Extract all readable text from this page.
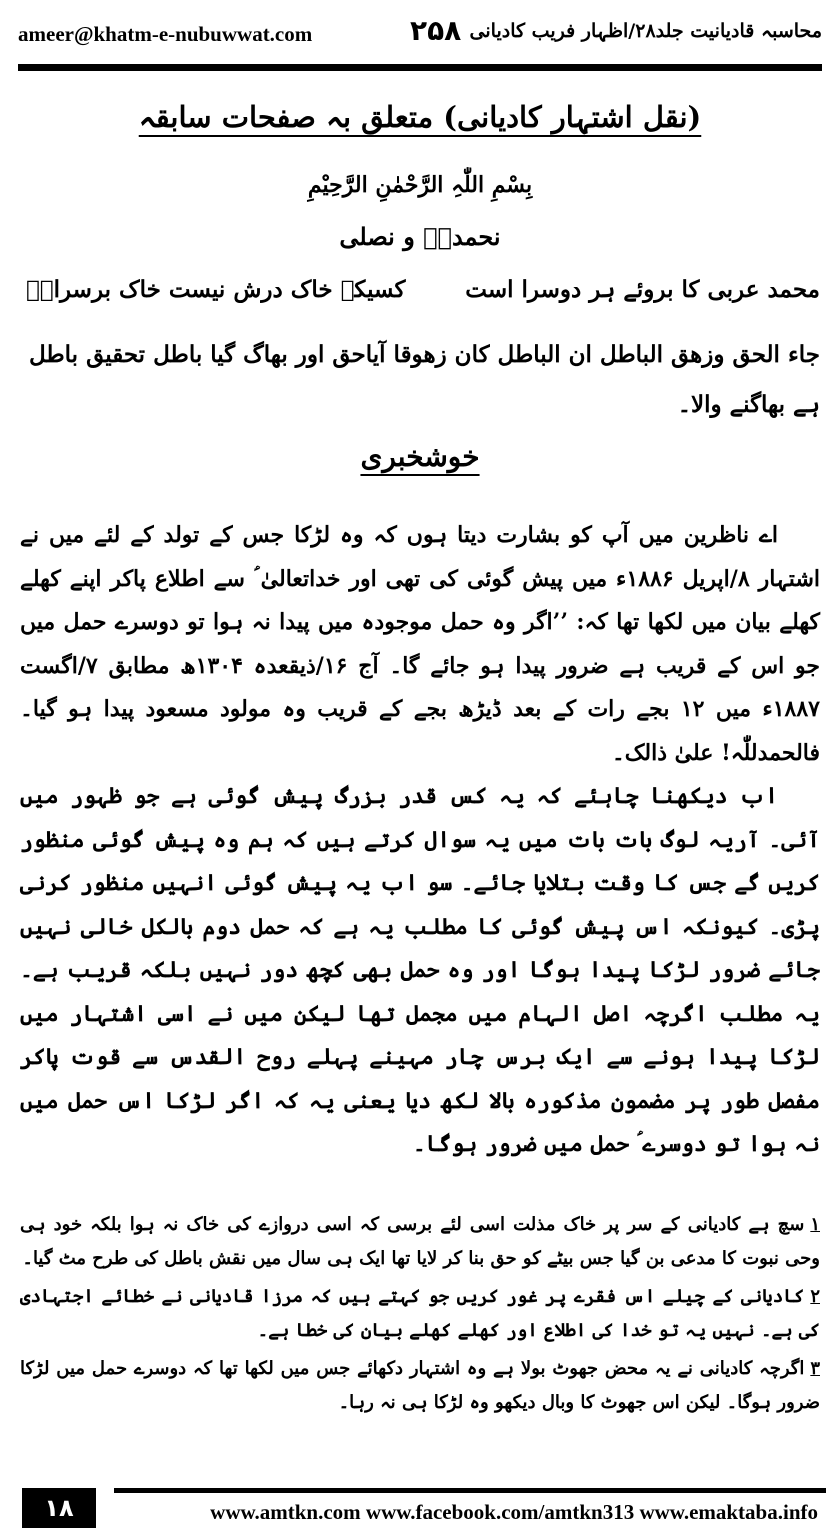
ameer@khatm-e-nubuwwat.com	۲۵۸ محاسبہ قادیانیت جلد۲۸/اظہار فریب کادیانی
(نقل اشتہار کادیانی) متعلق بہ صفحات سابقہ
بِسْمِ اللّٰہِ الرَّحْمٰنِ الرَّحِیْمِ
نحمدہٗ و نصلی
محمد عربی کا بروئے ہر دوسرا است
کسیکہ خاک درش نیست خاک برسراوؒ
جاء الحق وزهق الباطل ان الباطل کان زهوقا آیاحق اور بھاگ گیا باطل تحقیق باطل ہے بھاگنے والا۔
خوشخبری

اے ناظرین میں آپ کو بشارت دیتا ہوں کہ وہ لڑکا جس کے تولد کے لئے میں نے اشتہار ۸/اپریل ۱۸۸۶ء میں پیش گوئی کی تھی اور خداتعالیٰ ؑ سے اطلاع پاکر اپنے کھلے کھلے بیان میں لکھا تھا کہ: ’’اگر وہ حمل موجودہ میں پیدا نہ ہوا تو دوسرے حمل میں جو اس کے قریب ہے ضرور پیدا ہو جائے گا۔ آج ۱۶/ذیقعدہ ۱۳۰۴ھ مطابق ۷/اگست ۱۸۸۷ء میں ۱۲ بجے رات کے بعد ڈیڑھ بجے کے قریب وہ مولود مسعود پیدا ہو گیا۔ فالحمدللّٰہ! علیٰ ذالک۔

اب دیکھنا چاہئے کہ یہ کس قدر بزرگ پیش گوئی ہے جو ظہور میں آئی۔ آریہ لوگ بات بات میں یہ سوال کرتے ہیں کہ ہم وہ پیش گوئی منظور کریں گے جس کا وقت بتلایا جائے۔ سو اب یہ پیش گوئی انہیں منظور کرنی پڑی۔ کیونکہ اس پیش گوئی کا مطلب یہ ہے کہ حمل دوم بالکل خالی نہیں جائے ضرور لڑکا پیدا ہوگا اور وہ حمل بھی کچھ دور نہیں بلکہ قریب ہے۔ یہ مطلب اگرچہ اصل الہام میں مجمل تھا لیکن میں نے اسی اشتہار میں لڑکا پیدا ہونے سے ایک برس چار مہینے پہلے روح القدس سے قوت پاکر مفصل طور پر مضمون مذکورہ بالا لکھ دیا یعنی یہ کہ اگر لڑکا اس حمل میں نہ ہوا تو دوسرے ؑ حمل میں ضرور ہوگا۔

۱سچ ہے کادیانی کے سر پر خاک مذلت اسی لئے برسی کہ اسی دروازے کی خاک نہ ہوا بلکہ خود ہی وحی نبوت کا مدعی بن گیا جس بیٹے کو حق بنا کر لایا تھا ایک ہی سال میں نقش باطل کی طرح مٹ گیا۔

۲کادیانی کے چیلے اس فقرے پر غور کریں جو کہتے ہیں کہ مرزا قادیانی نے خطائے اجتہادی کی ہے۔ نہیں یہ تو خدا کی اطلاع اور کھلے کھلے بیان کی خطا ہے۔

۳اگرچہ کادیانی نے یہ محض جھوٹ بولا ہے وہ اشتہار دکھائے جس میں لکھا تھا کہ دوسرے حمل میں لڑکا ضرور ہوگا۔ لیکن اس جھوٹ کا وبال دیکھو وہ لڑکا ہی نہ رہا۔

۱۸	www.amtkn.com www.facebook.com/amtkn313 www.emaktaba.info
